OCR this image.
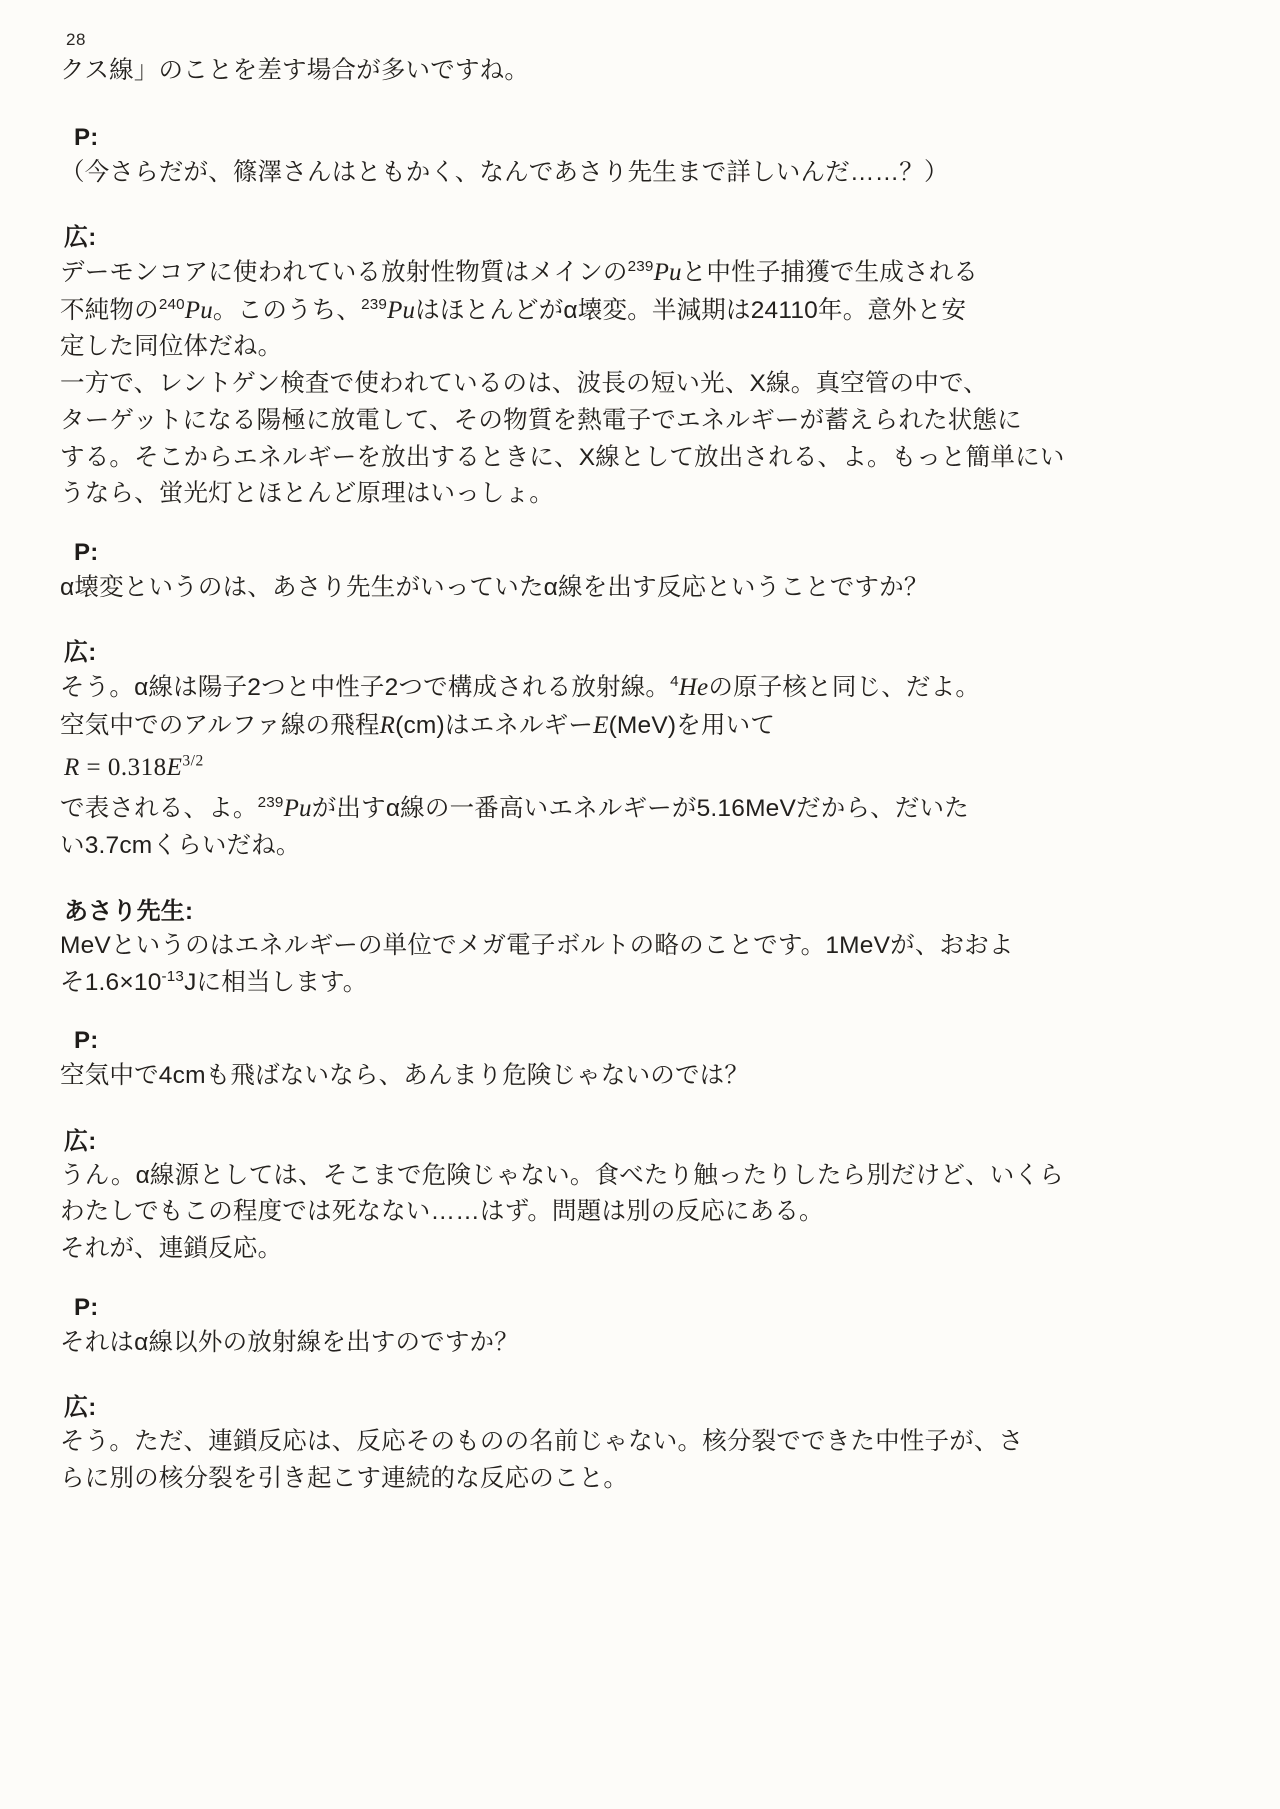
28
クス線」のことを差す場合が多いですね。
P:
（今さらだが、篠澤さんはともかく、なんであさり先生まで詳しいんだ……？）
広:
デーモンコアに使われている放射性物質はメインの$^{239}$Puと中性子捕獲で生成される
不純物の$^{240}$Pu。このうち、$^{239}$Puはほとんどがα壊変。半減期は24110年。意外と安
定した同位体だね。
一方で、レントゲン検査で使われているのは、波長の短い光、X線。真空管の中で、
ターゲットになる陽極に放電して、その物質を熱電子でエネルギーが蓄えられた状態に
する。そこからエネルギーを放出するときに、X線として放出される、よ。もっと簡単にい
うなら、蛍光灯とほとんど原理はいっしょ。
P:
α壊変というのは、あさり先生がいっていたα線を出す反応ということですか？
広:
そう。α線は陽子2つと中性子2つで構成される放射線。$^4$Heの原子核と同じ、だよ。
空気中でのアルファ線の飛程R(cm)はエネルギーE(MeV)を用いて
$R = 0.318E^{3/2}$
で表される、よ。$^{239}$Puが出すα線の一番高いエネルギーが5.16MeVだから、だいた
い3.7cmくらいだね。
あさり先生:
MeVというのはエネルギーの単位でメガ電子ボルトの略のことです。1MeVが、おおよ
そ$1.6\times 10^{-13}J$に相当します。
P:
空気中で4cmも飛ばないなら、あんまり危険じゃないのでは？
広:
うん。α線源としては、そこまで危険じゃない。食べたり触ったりしたら別だけど、いくら
わたしでもこの程度では死なない……はず。問題は別の反応にある。
それが、連鎖反応。
P:
それはα線以外の放射線を出すのですか？
広:
そう。ただ、連鎖反応は、反応そのものの名前じゃない。核分裂でできた中性子が、さ
らに別の核分裂を引き起こす連続的な反応のこと。
